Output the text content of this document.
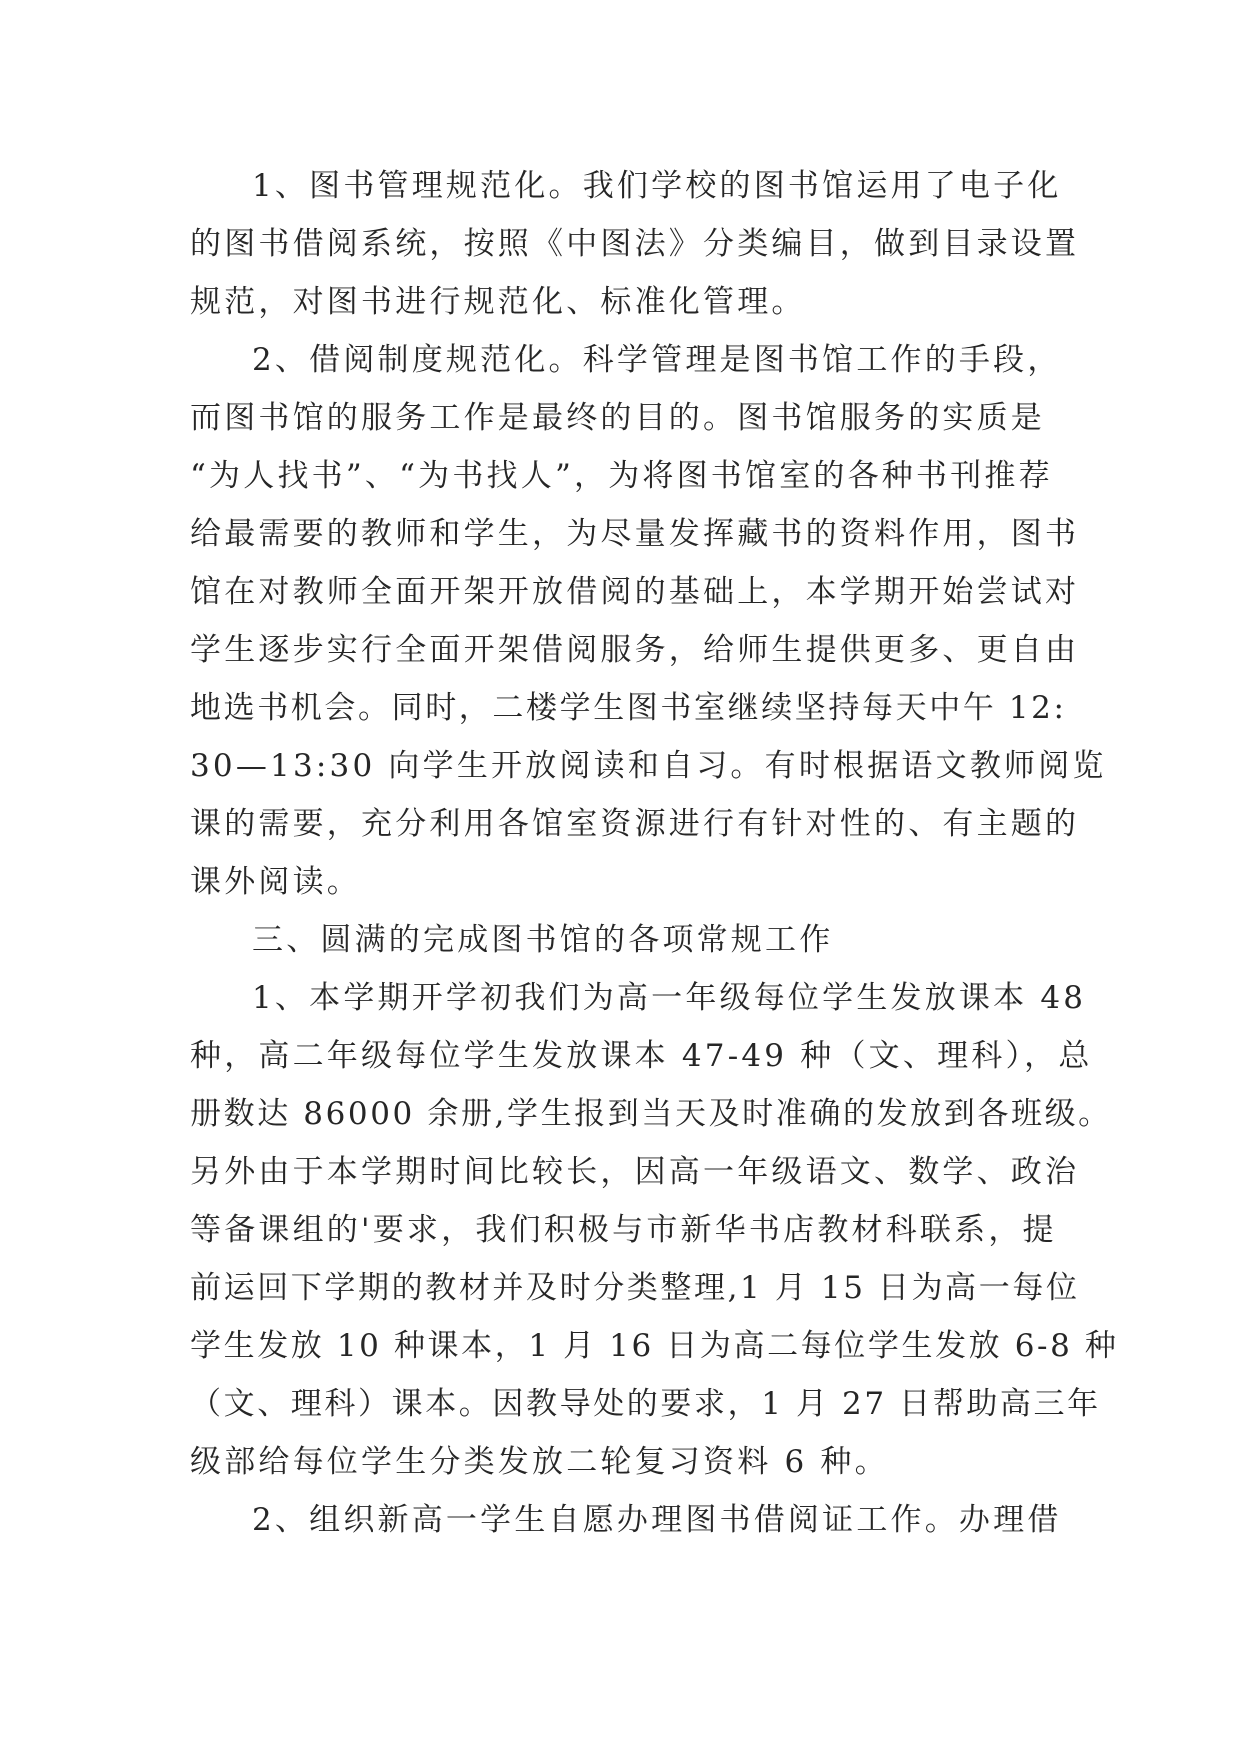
1、图书管理规范化。我们学校的图书馆运用了电子化
的图书借阅系统，按照《中图法》分类编目，做到目录设置
规范，对图书进行规范化、标准化管理。
2、借阅制度规范化。科学管理是图书馆工作的手段，
而图书馆的服务工作是最终的目的。图书馆服务的实质是
“为人找书”、“为书找人”，为将图书馆室的各种书刊推荐
给最需要的教师和学生，为尽量发挥藏书的资料作用，图书
馆在对教师全面开架开放借阅的基础上，本学期开始尝试对
学生逐步实行全面开架借阅服务，给师生提供更多、更自由
地选书机会。同时，二楼学生图书室继续坚持每天中午 12:
30—13:30 向学生开放阅读和自习。有时根据语文教师阅览
课的需要，充分利用各馆室资源进行有针对性的、有主题的
课外阅读。
三、圆满的完成图书馆的各项常规工作
1、本学期开学初我们为高一年级每位学生发放课本 48
种，高二年级每位学生发放课本 47-49 种（文、理科），总
册数达 86000 余册,学生报到当天及时准确的发放到各班级。
另外由于本学期时间比较长，因高一年级语文、数学、政治
等备课组的'要求，我们积极与市新华书店教材科联系，提
前运回下学期的教材并及时分类整理,1 月 15 日为高一每位
学生发放 10 种课本，1 月 16 日为高二每位学生发放 6-8 种
（文、理科）课本。因教导处的要求，1 月 27 日帮助高三年
级部给每位学生分类发放二轮复习资料 6 种。
2、组织新高一学生自愿办理图书借阅证工作。办理借
